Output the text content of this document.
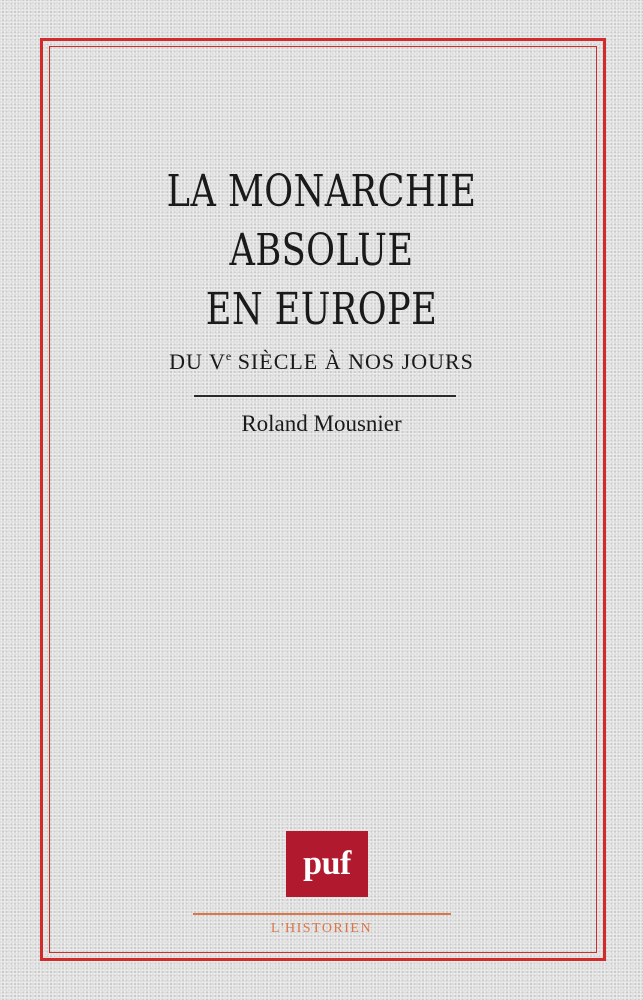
LA MONARCHIE
ABSOLUE
EN EUROPE
DU Ve SIÈCLE À NOS JOURS
Roland Mousnier
puf
L'HISTORIEN
